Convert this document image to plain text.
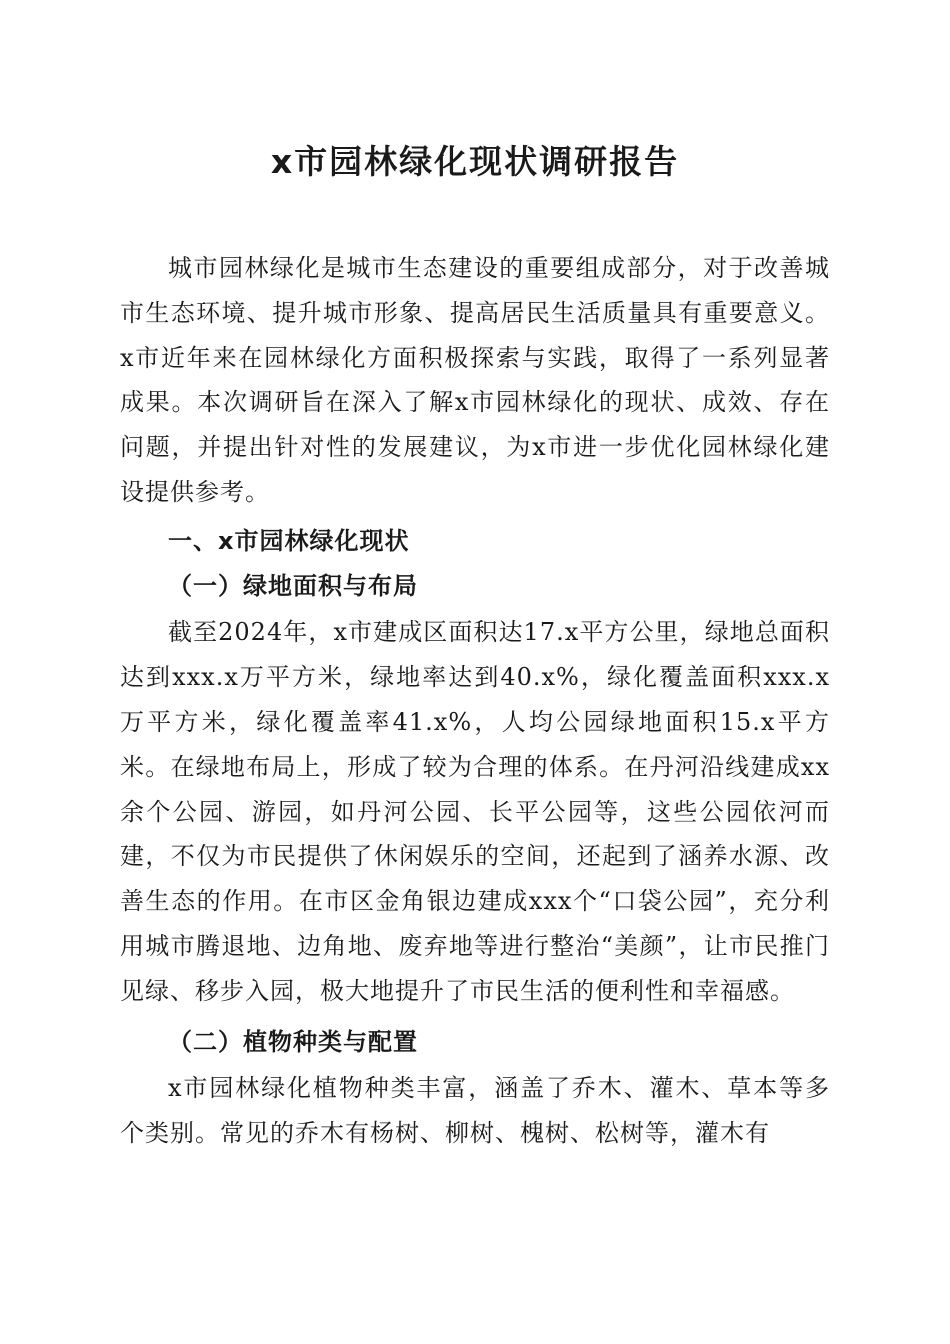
x市园林绿化现状调研报告

城市园林绿化是城市生态建设的重要组成部分，对于改善城市生态环境、提升城市形象、提高居民生活质量具有重要意义。x市近年来在园林绿化方面积极探索与实践，取得了一系列显著成果。本次调研旨在深入了解x市园林绿化的现状、成效、存在问题，并提出针对性的发展建议，为x市进一步优化园林绿化建设提供参考。

一、x市园林绿化现状
（一）绿地面积与布局

截至2024年，x市建成区面积达17.x平方公里，绿地总面积达到xxx.x万平方米，绿地率达到40.x%，绿化覆盖面积xxx.x万平方米，绿化覆盖率41.x%，人均公园绿地面积15.x平方米。在绿地布局上，形成了较为合理的体系。在丹河沿线建成xx余个公园、游园，如丹河公园、长平公园等，这些公园依河而建，不仅为市民提供了休闲娱乐的空间，还起到了涵养水源、改善生态的作用。在市区金角银边建成xxx个“口袋公园”，充分利用城市腾退地、边角地、废弃地等进行整治“美颜”，让市民推门见绿、移步入园，极大地提升了市民生活的便利性和幸福感。

（二）植物种类与配置

x市园林绿化植物种类丰富，涵盖了乔木、灌木、草本等多个类别。常见的乔木有杨树、柳树、槐树、松树等，灌木有
